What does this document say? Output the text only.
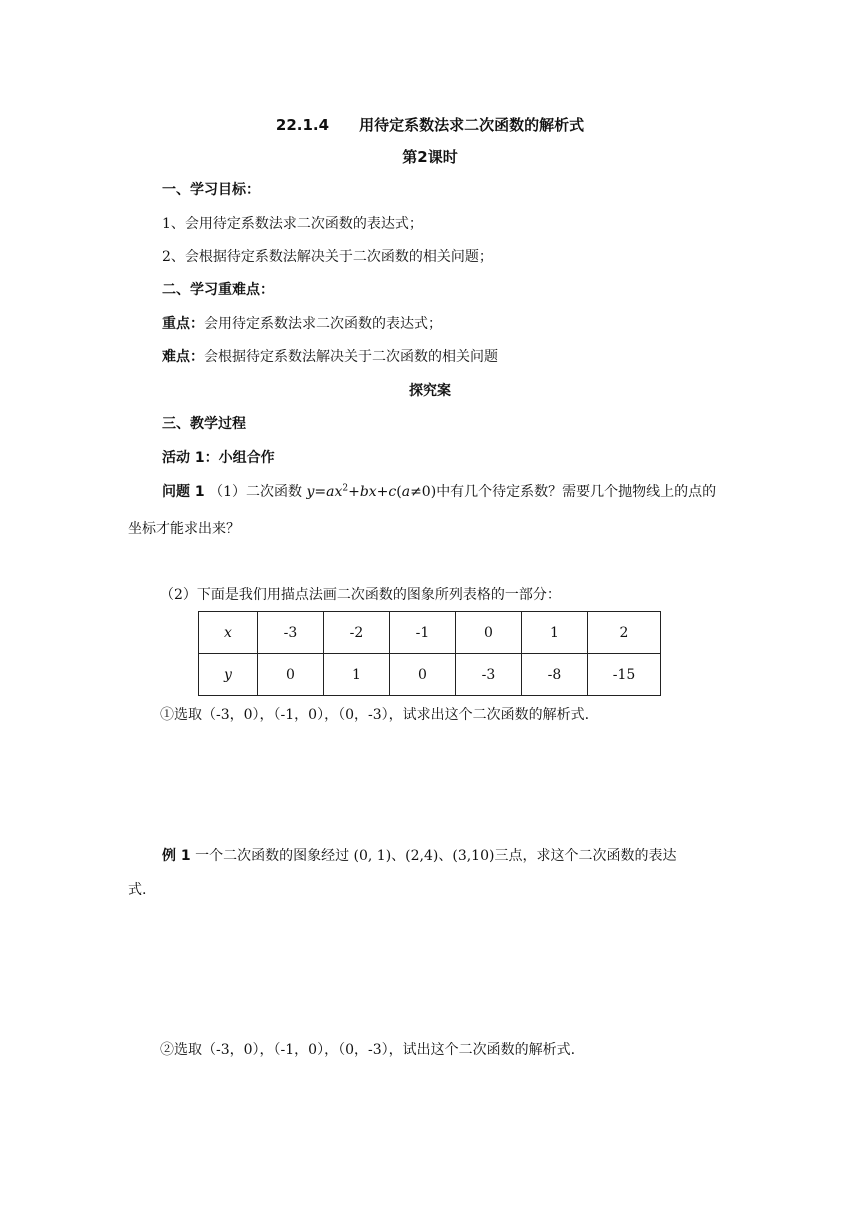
22.1.4　　用待定系数法求二次函数的解析式
第2课时
一、学习目标：
1、会用待定系数法求二次函数的表达式；
2、会根据待定系数法解决关于二次函数的相关问题；
二、学习重难点：
重点：会用待定系数法求二次函数的表达式；
难点：会根据待定系数法解决关于二次函数的相关问题
探究案
三、教学过程
活动 1：小组合作
问题 1 （1）二次函数 $y=ax^2+bx+c(a\ne 0)$中有几个待定系数？需要几个抛物线上的点的
坐标才能求出来？
（2）下面是我们用描点法画二次函数的图象所列表格的一部分：
x	-3	-2	-1	0	1	2
y	0	1	0	-3	-8	-15
①选取（-3，0），（-1，0），（0，-3），试求出这个二次函数的解析式.
例 1 一个二次函数的图象经过 (0, 1)、(2,4)、(3,10)三点，求这个二次函数的表达
式.
②选取（-3，0），（-1，0），（0，-3），试出这个二次函数的解析式.
